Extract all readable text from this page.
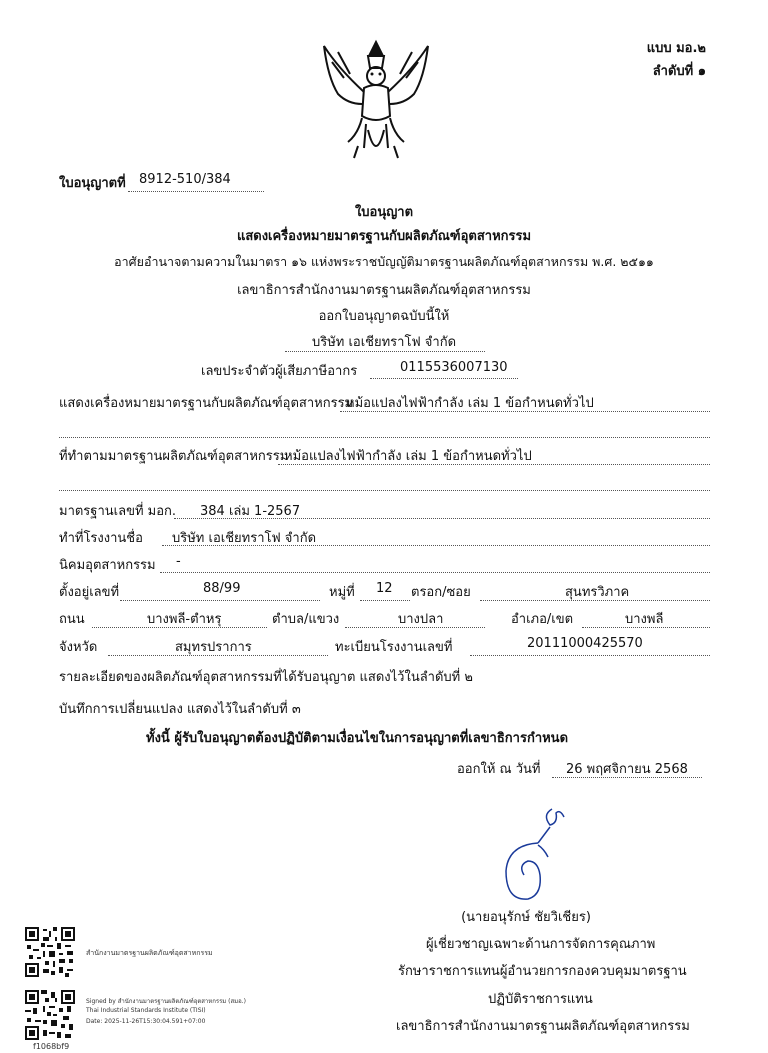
แบบ มอ.๒
ลำดับที่ ๑
ใบอนุญาตที่ 8912-510/384
ใบอนุญาต
แสดงเครื่องหมายมาตรฐานกับผลิตภัณฑ์อุตสาหกรรม
อาศัยอำนาจตามความในมาตรา ๑๖ แห่งพระราชบัญญัติมาตรฐานผลิตภัณฑ์อุตสาหกรรม พ.ศ. ๒๕๑๑
เลขาธิการสำนักงานมาตรฐานผลิตภัณฑ์อุตสาหกรรม
ออกใบอนุญาตฉบับนี้ให้
บริษัท เอเชียทราโฟ จำกัด
เลขประจำตัวผู้เสียภาษีอากร	0115536007130
แสดงเครื่องหมายมาตรฐานกับผลิตภัณฑ์อุตสาหกรรม
หม้อแปลงไฟฟ้ากำลัง เล่ม 1 ข้อกำหนดทั่วไป
ที่ทำตามมาตรฐานผลิตภัณฑ์อุตสาหกรรม
หม้อแปลงไฟฟ้ากำลัง เล่ม 1 ข้อกำหนดทั่วไป
มาตรฐานเลขที่ มอก. 384 เล่ม 1-2567
ทำที่โรงงานชื่อ บริษัท เอเชียทราโฟ จำกัด
นิคมอุตสาหกรรม -
ตั้งอยู่เลขที่	88/99	หมู่ที่ 12 ตรอก/ซอย	สุนทรวิภาค
ถนน	บางพลี-ตำหรุ	ตำบล/แขวง	บางปลา	อำเภอ/เขต	บางพลี
จังหวัด	สมุทรปราการ	ทะเบียนโรงงานเลขที่	20111000425570
รายละเอียดของผลิตภัณฑ์อุตสาหกรรมที่ได้รับอนุญาต แสดงไว้ในลำดับที่ ๒
บันทึกการเปลี่ยนแปลง แสดงไว้ในลำดับที่ ๓
ทั้งนี้ ผู้รับใบอนุญาตต้องปฏิบัติตามเงื่อนไขในการอนุญาตที่เลขาธิการกำหนด
ออกให้ ณ วันที่ 26 พฤศจิกายน 2568
(นายอนุรักษ์ ชัยวิเชียร)
ผู้เชี่ยวชาญเฉพาะด้านการจัดการคุณภาพ
รักษาราชการแทนผู้อำนวยการกองควบคุมมาตรฐาน
ปฏิบัติราชการแทน
เลขาธิการสำนักงานมาตรฐานผลิตภัณฑ์อุตสาหกรรม
สำนักงานมาตรฐานผลิตภัณฑ์อุตสาหกรรม
Signed by สำนักงานมาตรฐานผลิตภัณฑ์อุตสาหกรรม (สมอ.)
Thai Industrial Standards Institute (TISI)
Date: 2025-11-26T15:30:04.591+07:00
f1068bf9
